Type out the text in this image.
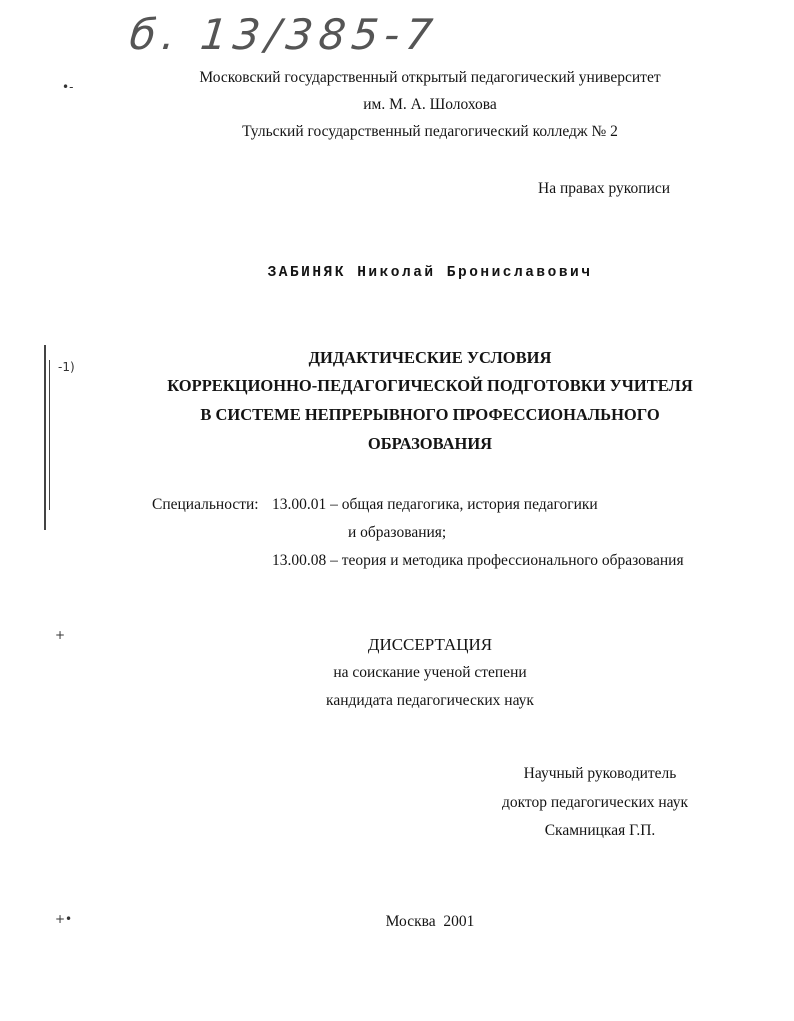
б. 13/385-7
•‑
-1)
+
+•
Московский государственный открытый педагогический университет
им. М. А. Шолохова
Тульский государственный педагогический колледж № 2
На правах рукописи
ЗАБИНЯК Николай Брониславович
ДИДАКТИЧЕСКИЕ УСЛОВИЯ
КОРРЕКЦИОННО-ПЕДАГОГИЧЕСКОЙ ПОДГОТОВКИ УЧИТЕЛЯ
В СИСТЕМЕ НЕПРЕРЫВНОГО ПРОФЕССИОНАЛЬНОГО
ОБРАЗОВАНИЯ
Специальности: 13.00.01 – общая педагогика, история педагогики
и образования;
13.00.08 – теория и методика профессионального образования
ДИССЕРТАЦИЯ
на соискание ученой степени
кандидата педагогических наук
Научный руководитель
доктор педагогических наук
Скамницкая Г.П.
Москва  2001
